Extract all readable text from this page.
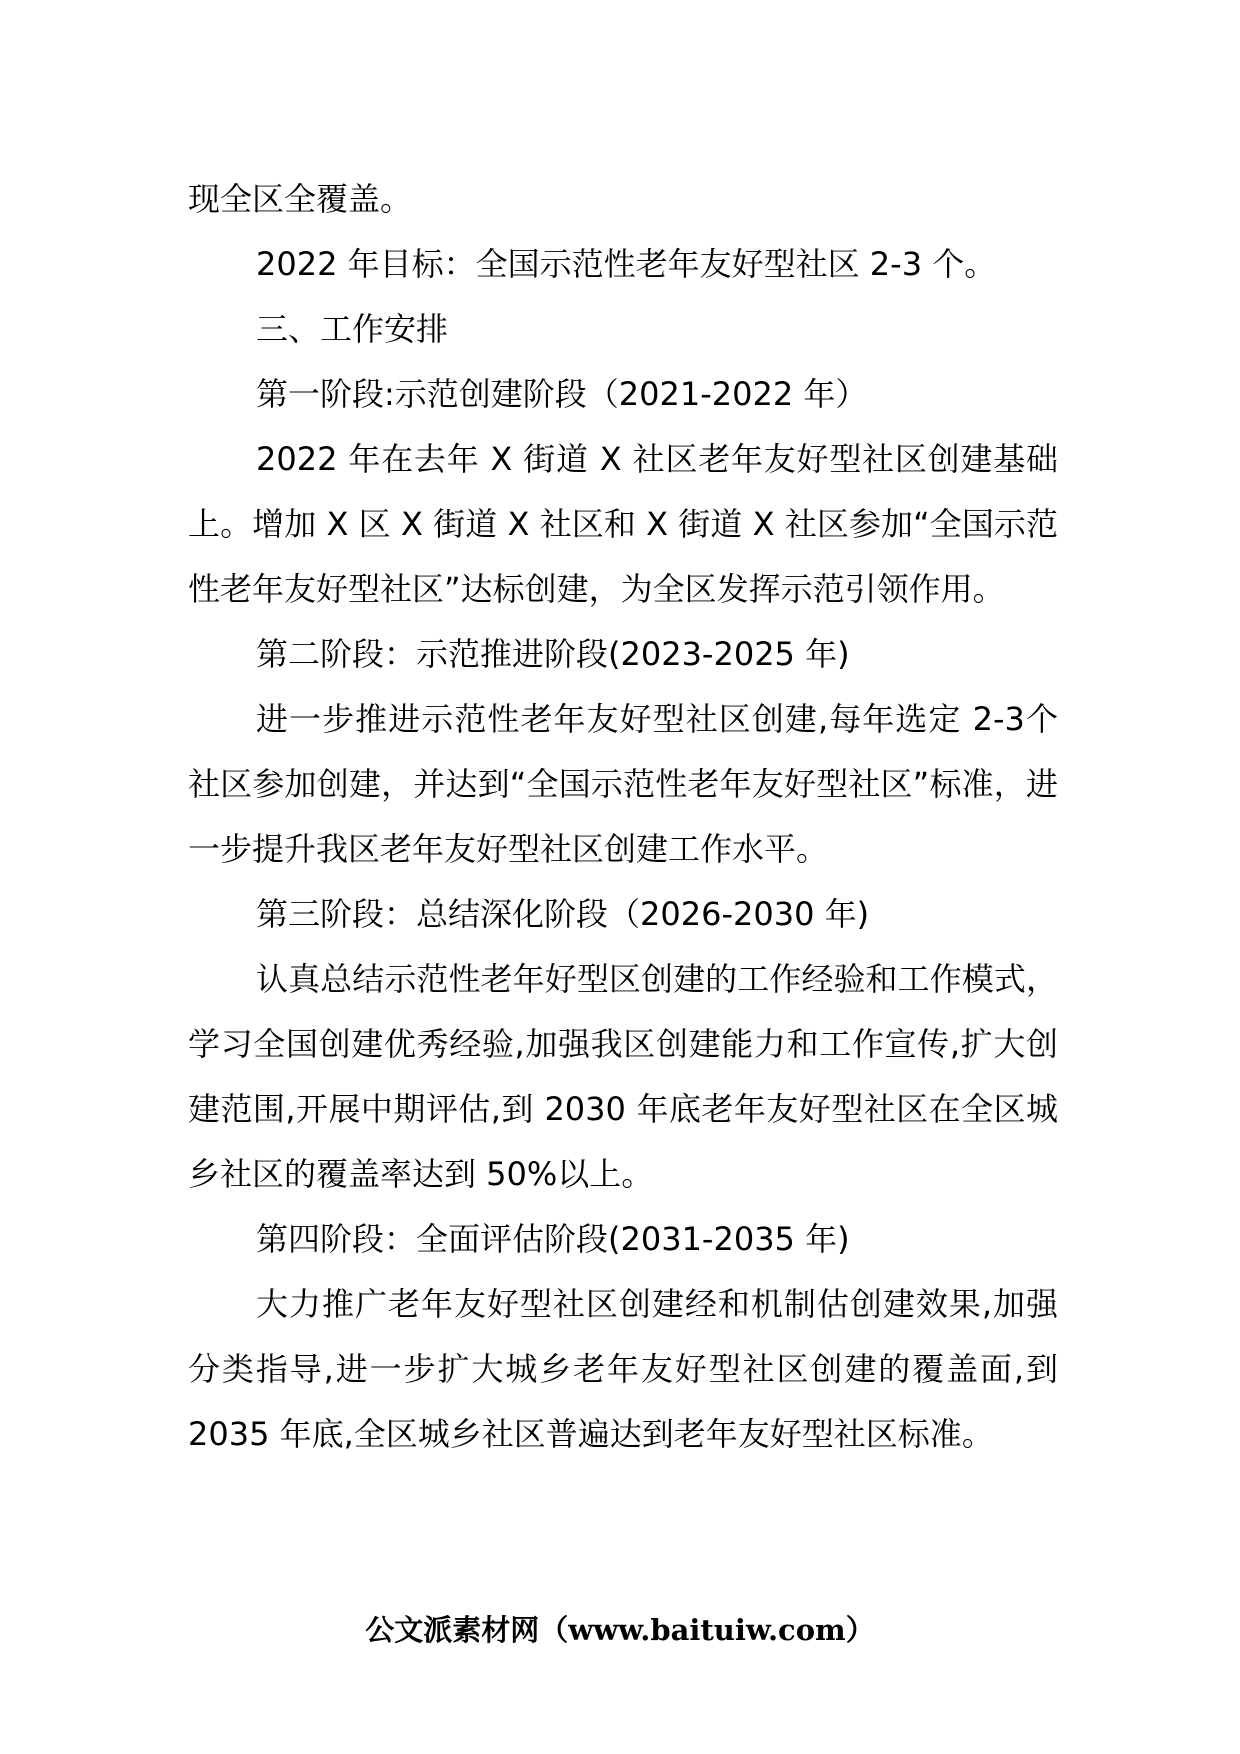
现全区全覆盖。

2022 年目标：全国示范性老年友好型社区 2-3 个。

三、工作安排

第一阶段:示范创建阶段（2021-2022 年）

2022 年在去年 X 街道 X 社区老年友好型社区创建基础上。增加 X 区 X 街道 X 社区和 X 街道 X 社区参加“全国示范性老年友好型社区”达标创建，为全区发挥示范引领作用。

第二阶段：示范推进阶段(2023-2025 年)

进一步推进示范性老年友好型社区创建,每年选定 2-3个社区参加创建，并达到“全国示范性老年友好型社区”标准，进一步提升我区老年友好型社区创建工作水平。

第三阶段：总结深化阶段（2026-2030 年)

认真总结示范性老年好型区创建的工作经验和工作模式，学习全国创建优秀经验,加强我区创建能力和工作宣传,扩大创建范围,开展中期评估,到 2030 年底老年友好型社区在全区城乡社区的覆盖率达到 50%以上。

第四阶段：全面评估阶段(2031-2035 年)

大力推广老年友好型社区创建经和机制估创建效果,加强分类指导,进一步扩大城乡老年友好型社区创建的覆盖面,到 2035 年底,全区城乡社区普遍达到老年友好型社区标准。

公文派素材网（www.baituiw.com）
